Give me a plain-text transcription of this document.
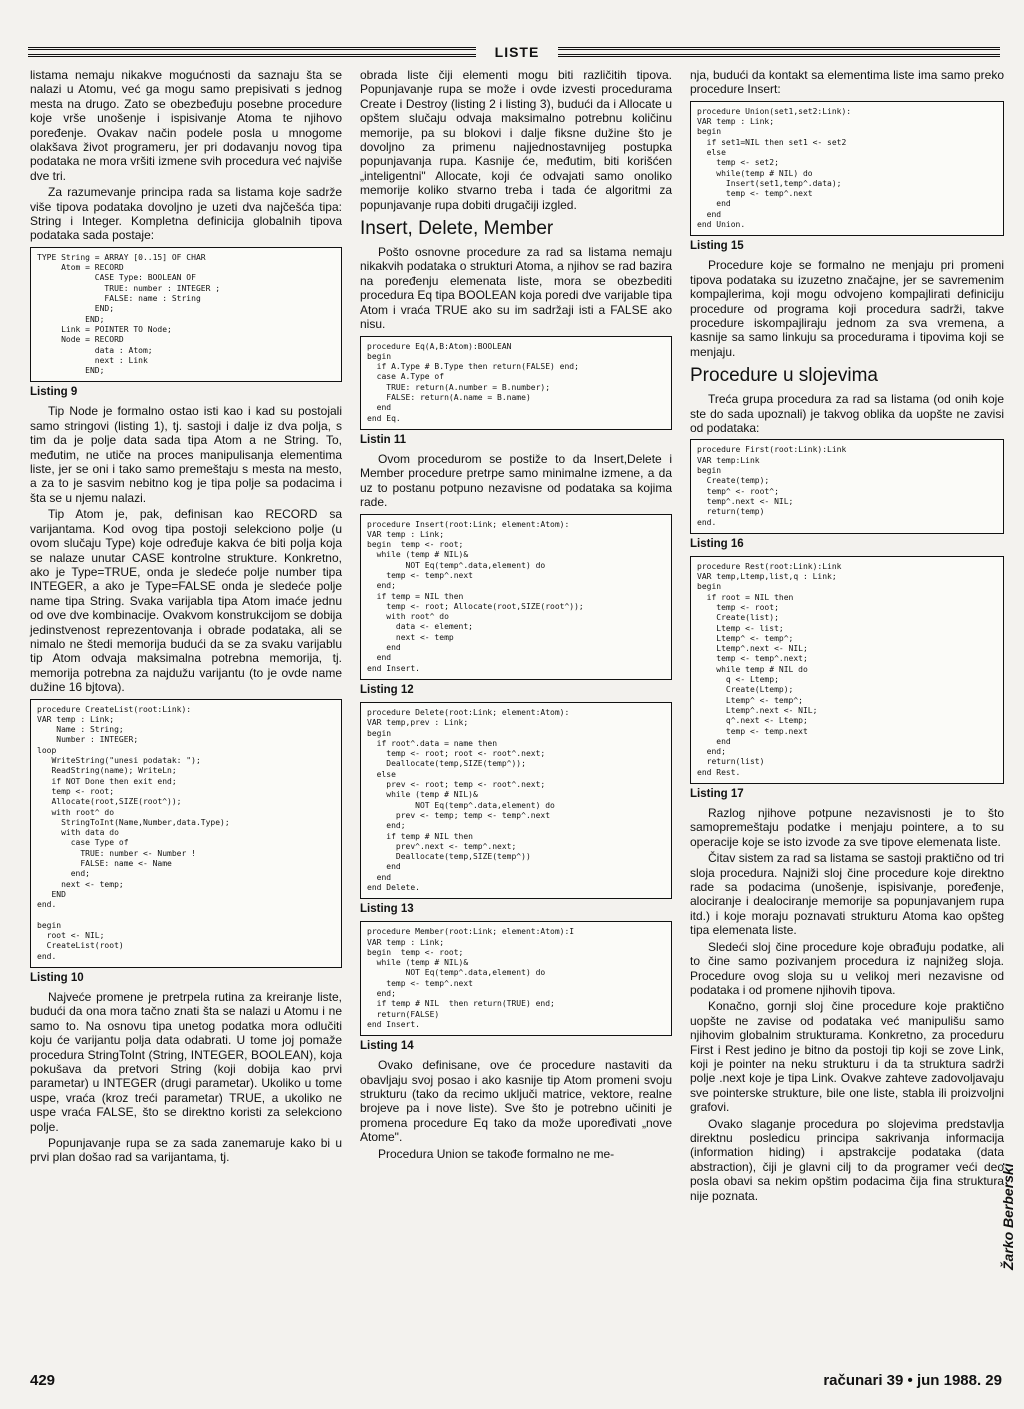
LISTE

listama nemaju nikakve mogućnosti da saznaju šta se nalazi u Atomu, već ga mogu samo prepisivati s jednog mesta na drugo. Zato se obezbeđuju posebne procedure koje vrše unošenje i ispisivanje Atoma te njihovo poređenje. Ovakav način podele posla u mnogome olakšava život programeru, jer pri dodavanju novog tipa podataka ne mora vršiti izmene svih procedura već najviše dve tri.

Za razumevanje principa rada sa listama koje sadrže više tipova podataka dovoljno je uzeti dva najčešća tipa: String i Integer. Kompletna definicija globalnih tipova podataka sada postaje:

TYPE String = ARRAY [0..15] OF CHAR
Atom = RECORD
CASE Type: BOOLEAN OF
TRUE: number : INTEGER ;
FALSE: name : String
END;
END;
Link = POINTER TO Node;
Node = RECORD
data : Atom;
next : Link
END;
Listing 9

Tip Node je formalno ostao isti kao i kad su postojali samo stringovi (listing 1), tj. sastoji i dalje iz dva polja, s tim da je polje data sada tipa Atom a ne String. To, međutim, ne utiče na proces manipulisanja elementima liste, jer se oni i tako samo premeštaju s mesta na mesto, a za to je sasvim nebitno kog je tipa polje sa podacima i šta se u njemu nalazi.

Tip Atom je, pak, definisan kao RECORD sa varijantama. Kod ovog tipa postoji selekciono polje (u ovom slučaju Type) koje određuje kakva će biti polja koja se nalaze unutar CASE kontrolne strukture. Konkretno, ako je Type=TRUE, onda je sledeće polje number tipa INTEGER, a ako je Type=FALSE onda je sledeće polje name tipa String. Svaka varijabla tipa Atom imaće jednu od ove dve kombinacije. Ovakvom konstrukcijom se dobija jedinstvenost reprezentovanja i obrade podataka, ali se nimalo ne štedi memorija budući da se za svaku varijablu tip Atom odvaja maksimalna potrebna memorija, tj. memorija potrebna za najdužu varijantu (to je ovde name dužine 16 bjtova).

procedure CreateList(root:Link):
VAR temp : Link;
Name : String;
Number : INTEGER;
loop
WriteString("unesi podatak: ");
ReadString(name); WriteLn;
if NOT Done then exit end;
temp <- root;
Allocate(root,SIZE(root^));
with root^ do
StringToInt(Name,Number,data.Type);
with data do
case Type of
TRUE: number <- Number !
FALSE: name <- Name
end;
next <- temp;
END
end.

begin
root <- NIL;
CreateList(root)
end.
Listing 10

Najveće promene je pretrpela rutina za kreiranje liste, budući da ona mora tačno znati šta se nalazi u Atomu i ne samo to. Na osnovu tipa unetog podatka mora odlučiti koju će varijantu polja data odabrati. U tome joj pomaže procedura StringToInt (String, INTEGER, BOOLEAN), koja pokušava da pretvori String (koji dobija kao prvi parametar) u INTEGER (drugi parametar). Ukoliko u tome uspe, vraća (kroz treći parametar) TRUE, a ukoliko ne uspe vraća FALSE, što se direktno koristi za selekciono polje.

Popunjavanje rupa se za sada zanemaruje kako bi u prvi plan došao rad sa varijantama, tj.

obrada liste čiji elementi mogu biti različitih tipova. Popunjavanje rupa se može i ovde izvesti procedurama Create i Destroy (listing 2 i listing 3), budući da i Allocate u opštem slučaju odvaja maksimalno potrebnu količinu memorije, pa su blokovi i dalje fiksne dužine što je dovoljno za primenu najjednostavnijeg postupka popunjavanja rupa. Kasnije će, međutim, biti korišćen „inteligentni" Allocate, koji će odvajati samo onoliko memorije koliko stvarno treba i tada će algoritmi za popunjavanje rupa dobiti drugačiji izgled.

Insert, Delete, Member

Pošto osnovne procedure za rad sa listama nemaju nikakvih podataka o strukturi Atoma, a njihov se rad bazira na poređenju elemenata liste, mora se obezbediti procedura Eq tipa BOOLEAN koja poredi dve varijable tipa Atom i vraća TRUE ako su im sadržaji isti a FALSE ako nisu.

procedure Eq(A,B:Atom):BOOLEAN
begin
if A.Type # B.Type then return(FALSE) end;
case A.Type of
TRUE: return(A.number = B.number);
FALSE: return(A.name = B.name)
end
end Eq.
Listin 11

Ovom procedurom se postiže to da Insert,Delete i Member procedure pretrpe samo minimalne izmene, a da uz to postanu potpuno nezavisne od podataka sa kojima rade.

procedure Insert(root:Link; element:Atom):
VAR temp : Link;
begin  temp <- root;
while (temp # NIL)&
NOT Eq(temp^.data,element) do
temp <- temp^.next
end;
if temp = NIL then
temp <- root; Allocate(root,SIZE(root^));
with root^ do
data <- element;
next <- temp
end
end
end Insert.
Listing 12
procedure Delete(root:Link; element:Atom):
VAR temp,prev : Link;
begin
if root^.data = name then
temp <- root; root <- root^.next;
Deallocate(temp,SIZE(temp^));
else
prev <- root; temp <- root^.next;
while (temp # NIL)&
NOT Eq(temp^.data,element) do
prev <- temp; temp <- temp^.next
end;
if temp # NIL then
prev^.next <- temp^.next;
Deallocate(temp,SIZE(temp^))
end
end
end Delete.
Listing 13
procedure Member(root:Link; element:Atom):I
VAR temp : Link;
begin  temp <- root;
while (temp # NIL)&
NOT Eq(temp^.data,element) do
temp <- temp^.next
end;
if temp # NIL  then return(TRUE) end;
return(FALSE)
end Insert.
Listing 14

Ovako definisane, ove će procedure nastaviti da obavljaju svoj posao i ako kasnije tip Atom promeni svoju strukturu (tako da recimo uključi matrice, vektore, realne brojeve pa i nove liste). Sve što je potrebno učiniti je promena procedure Eq tako da može upoređivati „nove Atome".

Procedura Union se takođe formalno ne me-

nja, budući da kontakt sa elementima liste ima samo preko procedure Insert:

procedure Union(set1,set2:Link):
VAR temp : Link;
begin
if set1=NIL then set1 <- set2
else
temp <- set2;
while(temp # NIL) do
Insert(set1,temp^.data);
temp <- temp^.next
end
end
end Union.
Listing 15

Procedure koje se formalno ne menjaju pri promeni tipova podataka su izuzetno značajne, jer se savremenim kompajlerima, koji mogu odvojeno kompajlirati definiciju procedure od programa koji procedura sadrži, takve procedure iskompajliraju jednom za sva vremena, a kasnije sa samo linkuju sa procedurama i tipovima koji se menjaju.

Procedure u slojevima

Treća grupa procedura za rad sa listama (od onih koje ste do sada upoznali) je takvog oblika da uopšte ne zavisi od podataka:

procedure First(root:Link):Link
VAR temp:Link
begin
Create(temp);
temp^ <- root^;
temp^.next <- NIL;
return(temp)
end.
Listing 16
procedure Rest(root:Link):Link
VAR temp,Ltemp,list,q : Link;
begin
if root = NIL then
temp <- root;
Create(list);
Ltemp <- list;
Ltemp^ <- temp^;
Ltemp^.next <- NIL;
temp <- temp^.next;
while temp # NIL do
q <- Ltemp;
Create(Ltemp);
Ltemp^ <- temp^;
Ltemp^.next <- NIL;
q^.next <- Ltemp;
temp <- temp.next
end
end;
return(list)
end Rest.
Listing 17

Razlog njihove potpune nezavisnosti je to što samopremeštaju podatke i menjaju pointere, a to su operacije koje se isto izvode za sve tipove elemenata liste.

Čitav sistem za rad sa listama se sastoji praktično od tri sloja procedura. Najniži sloj čine procedure koje direktno rade sa podacima (unošenje, ispisivanje, poređenje, alociranje i dealociranje memorije sa popunjavanjem rupa itd.) i koje moraju poznavati strukturu Atoma kao opšteg tipa elemenata liste.

Sledeći sloj čine procedure koje obrađuju podatke, ali to čine samo pozivanjem procedura iz najnižeg sloja. Procedure ovog sloja su u velikoj meri nezavisne od podataka i od promene njihovih tipova.

Konačno, gornji sloj čine procedure koje praktično uopšte ne zavise od podataka već manipulišu samo njihovim globalnim strukturama. Konkretno, za proceduru First i Rest jedino je bitno da postoji tip koji se zove Link, koji je pointer na neku strukturu i da ta struktura sadrži polje .next koje je tipa Link. Ovakve zahteve zadovoljavaju sve pointerske strukture, bile one liste, stabla ili proizvoljni grafovi.

Ovako slaganje procedura po slojevima predstavlja direktnu posledicu principa sakrivanja informacija (information hiding) i apstrakcije podataka (data abstraction), čiji je glavni cilj to da programer veći deo posla obavi sa nekim opštim podacima čija fina struktura nije poznata.	Žarko Berberski
429	računari 39 • jun 1988. 29
